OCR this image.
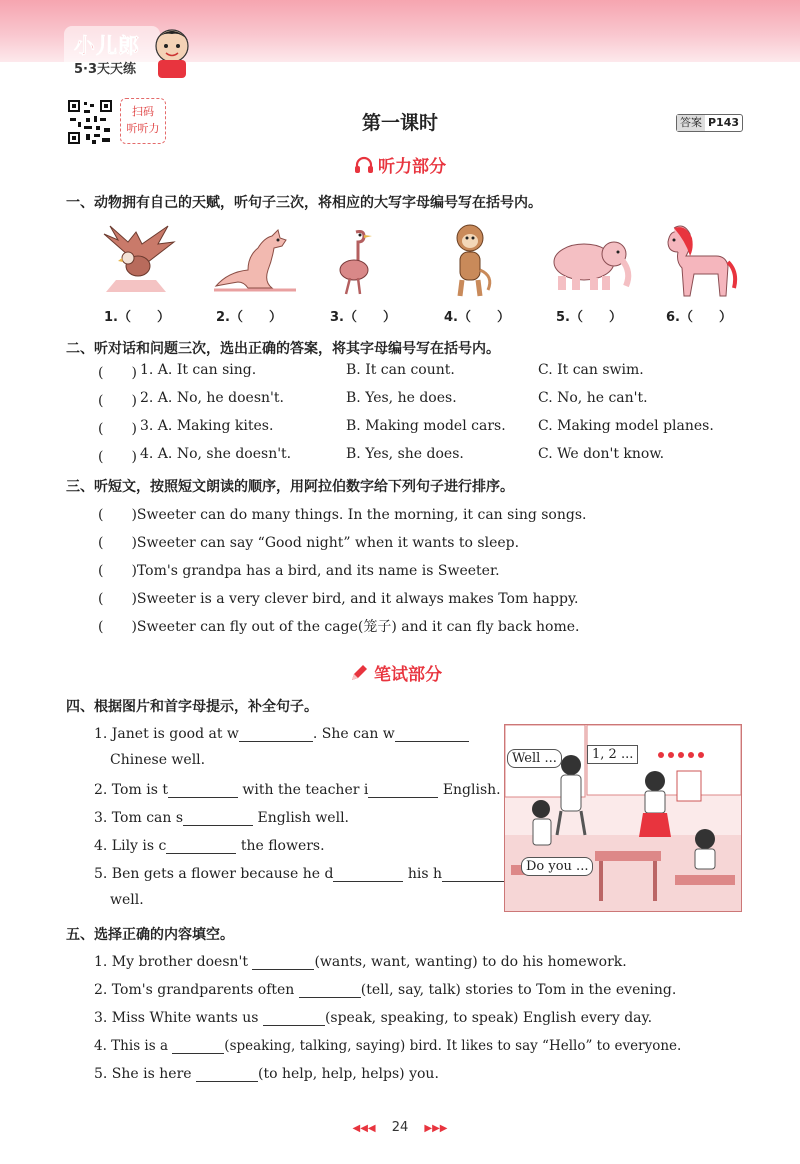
小儿郎
5·3天天练
扫码
听听力	第一课时	答案 P143
听力部分
一、动物拥有自己的天赋，听句子三次，将相应的大写字母编号写在括号内。
1.（　　）	2.（　　）	3.（　　）	4.（　　）	5.（　　）	6.（　　）
二、听对话和问题三次，选出正确的答案，将其字母编号写在括号内。
(　　) 1. A. It can sing.	B. It can count.	C. It can swim.
(　　) 2. A. No, he doesn't.	B. Yes, he does.	C. No, he can't.
(　　) 3. A. Making kites.	B. Making model cars. C. Making model planes.
(　　) 4. A. No, she doesn't.	B. Yes, she does.	C. We don't know.
三、听短文，按照短文朗读的顺序，用阿拉伯数字给下列句子进行排序。
(　　)Sweeter can do many things. In the morning, it can sing songs.
(　　)Sweeter can say “Good night” when it wants to sleep.
(　　)Tom's grandpa has a bird, and its name is Sweeter.
(　　)Sweeter is a very clever bird, and it always makes Tom happy.
(　　)Sweeter can fly out of the cage(笼子) and it can fly back home.
笔试部分
四、根据图片和首字母提示，补全句子。
1. Janet is good at w	. She can w
Chinese well.
2. Tom is t	with the teacher i	English.
3. Tom can s	English well.
4. Lily is c	the flowers.
5. Ben gets a flower because he d	his h
well.
Well ...	1, 2 ...
Do you ...
五、选择正确的内容填空。
1. My brother doesn't	(wants, want, wanting) to do his homework.
2. Tom's grandparents often	(tell, say, talk) stories to Tom in the evening.
3. Miss White wants us	(speak, speaking, to speak) English every day.
4. This is a	(speaking, talking, saying) bird. It likes to say “Hello” to everyone.
5. She is here	(to help, help, helps) you.
◀◀◀ 24 ▶▶▶
